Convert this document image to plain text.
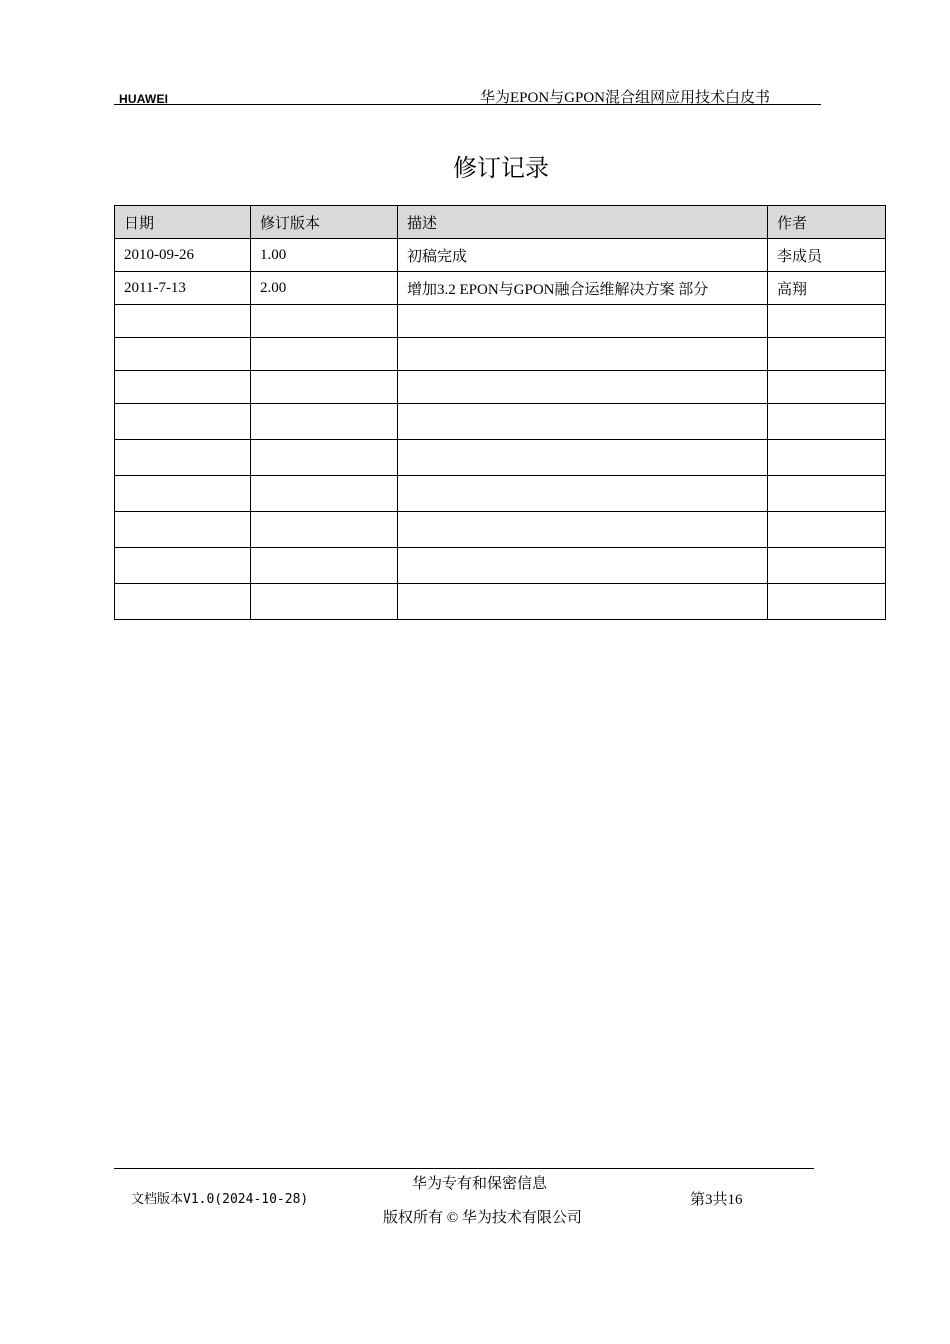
HUAWEI	华为EPON与GPON混合组网应用技术白皮书
修订记录
日期	修订版本	描述	作者
2010-09-26	1.00	初稿完成	李成员
2011-7-13	2.00	增加3.2 EPON与GPON融合运维解决方案 部分	高翔

文档版本V1.0(2024-10-28)
华为专有和保密信息
版权所有 © 华为技术有限公司
第3共16
